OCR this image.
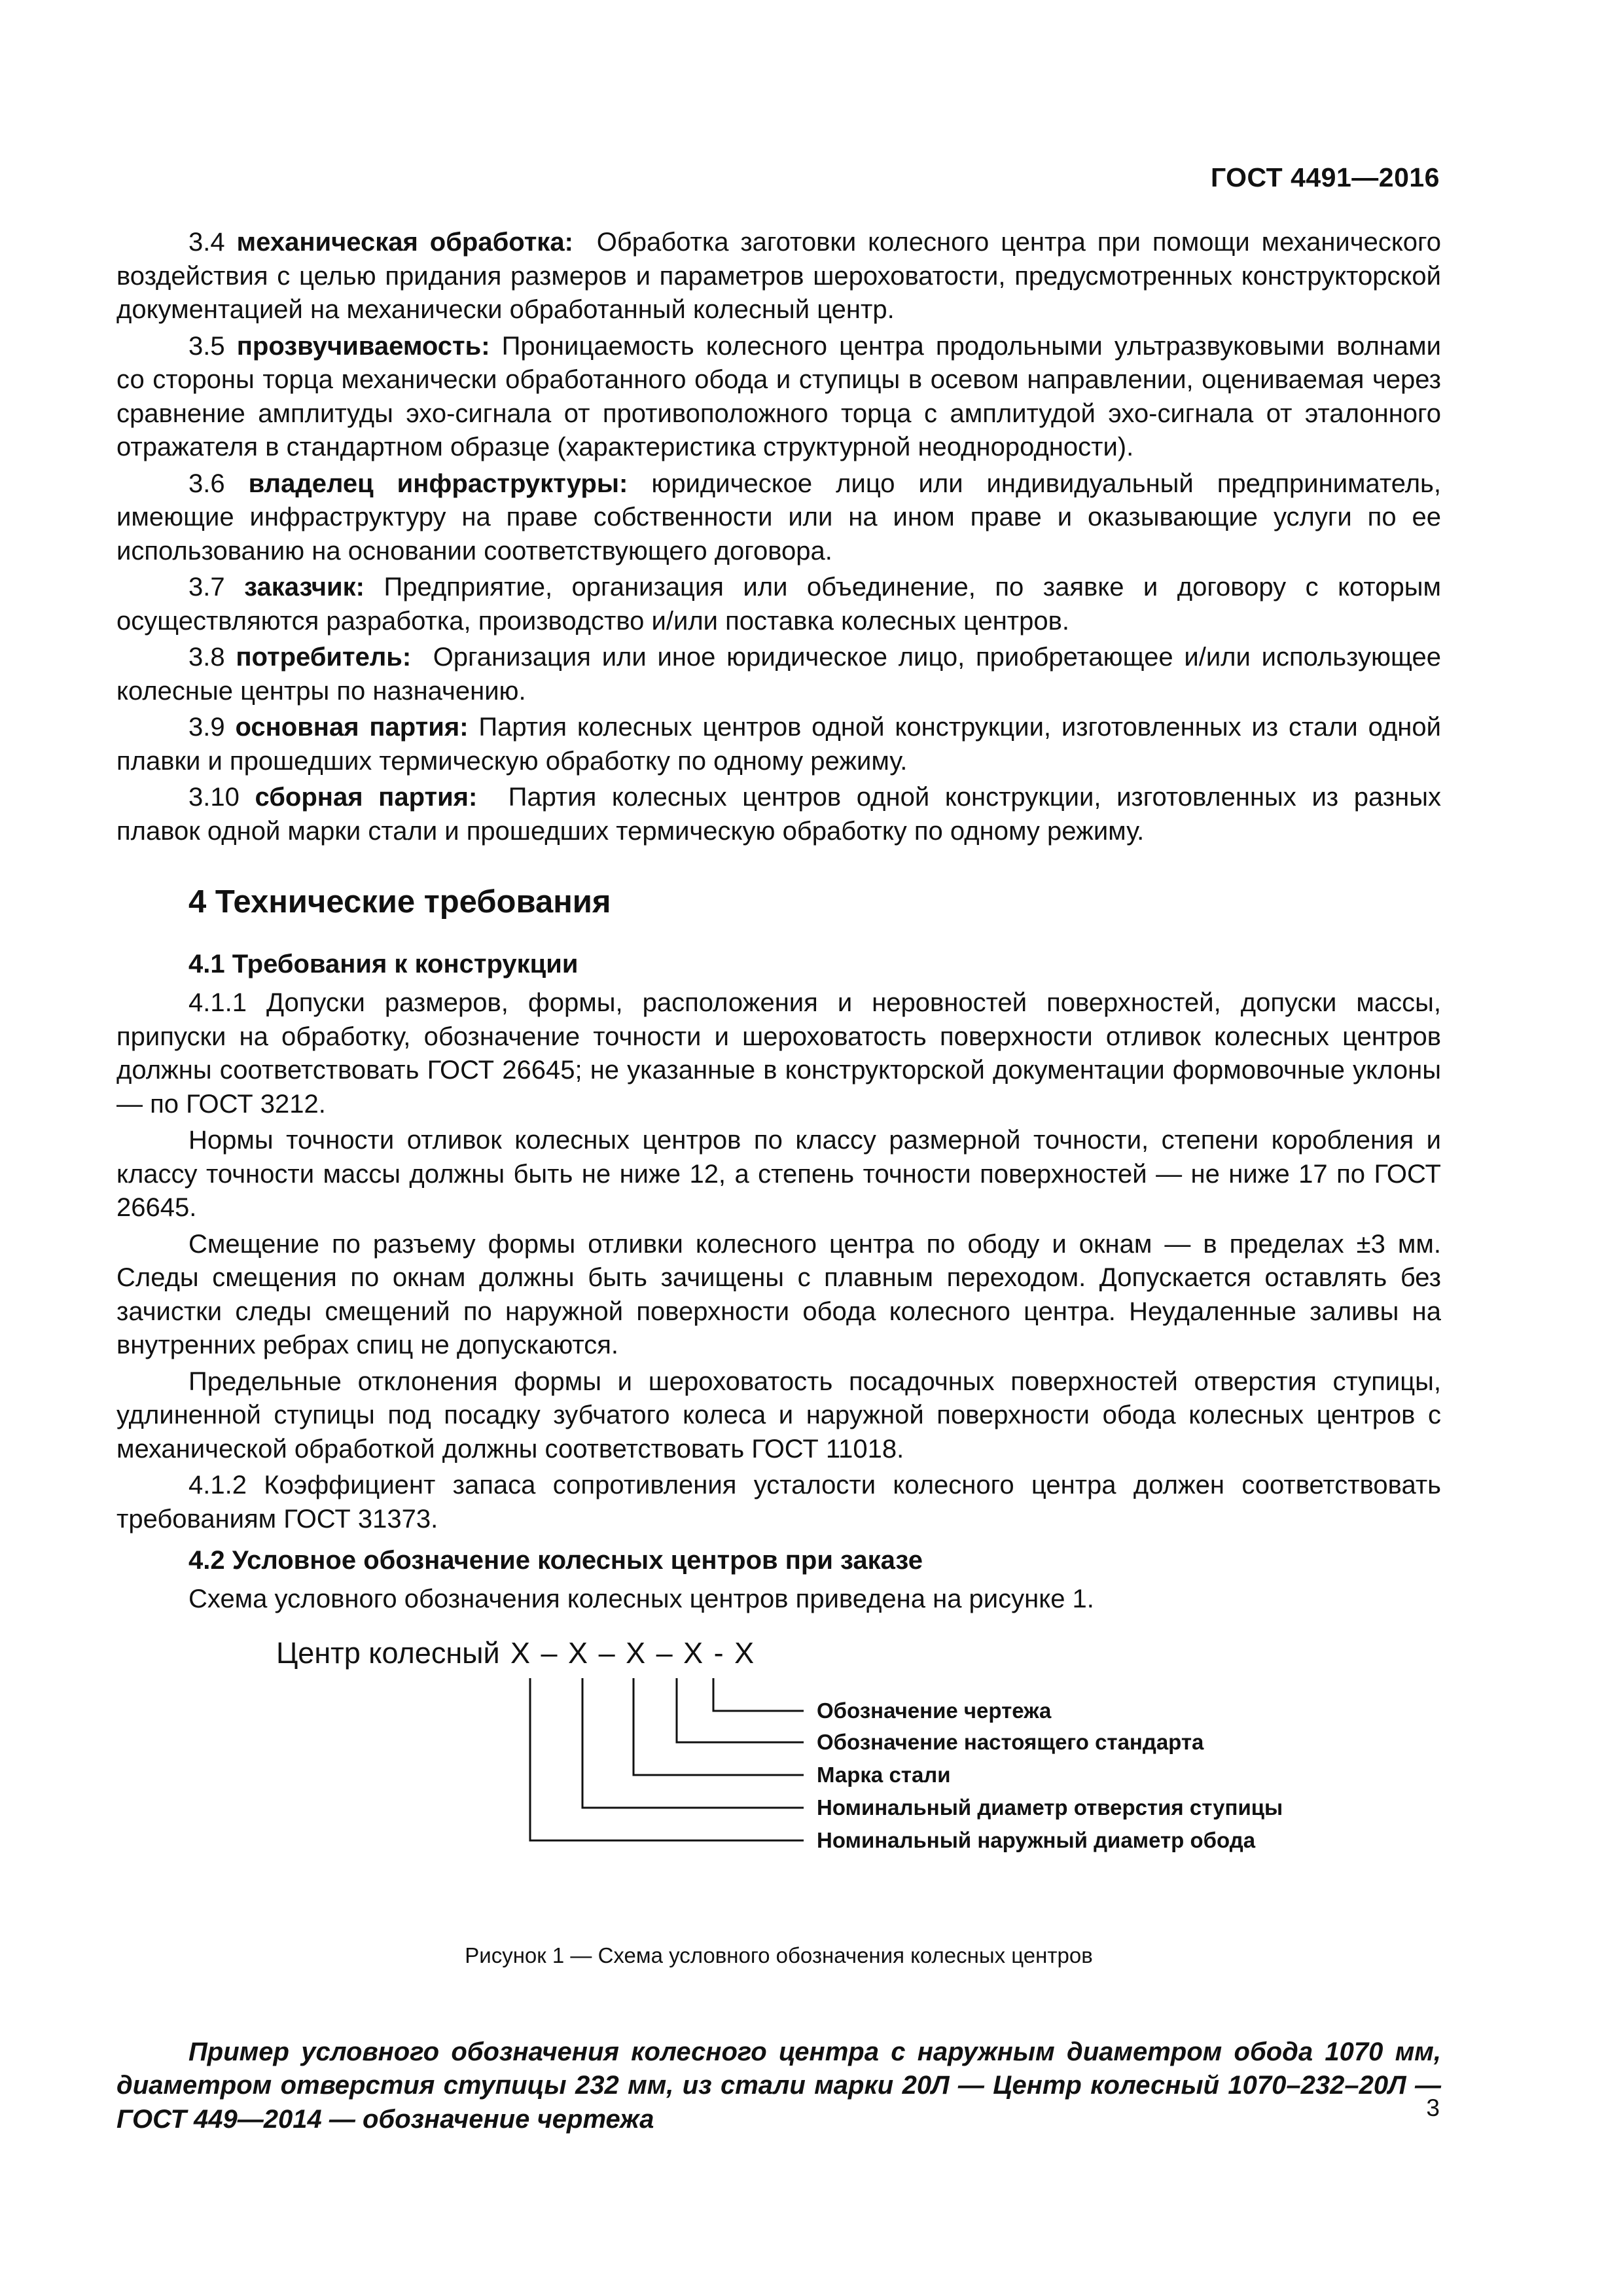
ГОСТ 4491—2016

3.4 механическая обработка: Обработка заготовки колесного центра при помощи механического воздействия с целью придания размеров и параметров шероховатости, предусмотренных конструкторской документацией на механически обработанный колесный центр.

3.5 прозвучиваемость: Проницаемость колесного центра продольными ультразвуковыми волнами со стороны торца механически обработанного обода и ступицы в осевом направлении, оцениваемая через сравнение амплитуды эхо-сигнала от противоположного торца с амплитудой эхо-сигнала от эталонного отражателя в стандартном образце (характеристика структурной неоднородности).

3.6 владелец инфраструктуры: юридическое лицо или индивидуальный предприниматель, имеющие инфраструктуру на праве собственности или на ином праве и оказывающие услуги по ее использованию на основании соответствующего договора.

3.7 заказчик: Предприятие, организация или объединение, по заявке и договору с которым осуществляются разработка, производство и/или поставка колесных центров.

3.8 потребитель: Организация или иное юридическое лицо, приобретающее и/или использующее колесные центры по назначению.

3.9 основная партия: Партия колесных центров одной конструкции, изготовленных из стали одной плавки и прошедших термическую обработку по одному режиму.

3.10 сборная партия: Партия колесных центров одной конструкции, изготовленных из разных плавок одной марки стали и прошедших термическую обработку по одному режиму.

4 Технические требования
4.1 Требования к конструкции

4.1.1 Допуски размеров, формы, расположения и неровностей поверхностей, допуски массы, припуски на обработку, обозначение точности и шероховатость поверхности отливок колесных центров должны соответствовать ГОСТ 26645; не указанные в конструкторской документации формовочные уклоны — по ГОСТ 3212.

Нормы точности отливок колесных центров по классу размерной точности, степени коробления и классу точности массы должны быть не ниже 12, а степень точности поверхностей — не ниже 17 по ГОСТ 26645.

Смещение по разъему формы отливки колесного центра по ободу и окнам — в пределах ±3 мм. Следы смещения по окнам должны быть зачищены с плавным переходом. Допускается оставлять без зачистки следы смещений по наружной поверхности обода колесного центра. Неудаленные заливы на внутренних ребрах спиц не допускаются.

Предельные отклонения формы и шероховатость посадочных поверхностей отверстия ступицы, удлиненной ступицы под посадку зубчатого колеса и наружной поверхности обода колесных центров с механической обработкой должны соответствовать ГОСТ 11018.

4.1.2 Коэффициент запаса сопротивления усталости колесного центра должен соответствовать требованиям ГОСТ 31373.

4.2 Условное обозначение колесных центров при заказе

Схема условного обозначения колесных центров приведена на рисунке 1.

Центр колесный X – X – X – X - X
Обозначение чертежа
Обозначение настоящего стандарта
Марка стали
Номинальный диаметр отверстия ступицы
Номинальный наружный диаметр обода
Рисунок 1 — Схема условного обозначения колесных центров
Пример условного обозначения колесного центра с наружным диаметром обода 1070 мм, диаметром отверстия ступицы 232 мм, из стали марки 20Л — Центр колесный 1070–232–20Л — ГОСТ 449—2014 — обозначение чертежа	3
